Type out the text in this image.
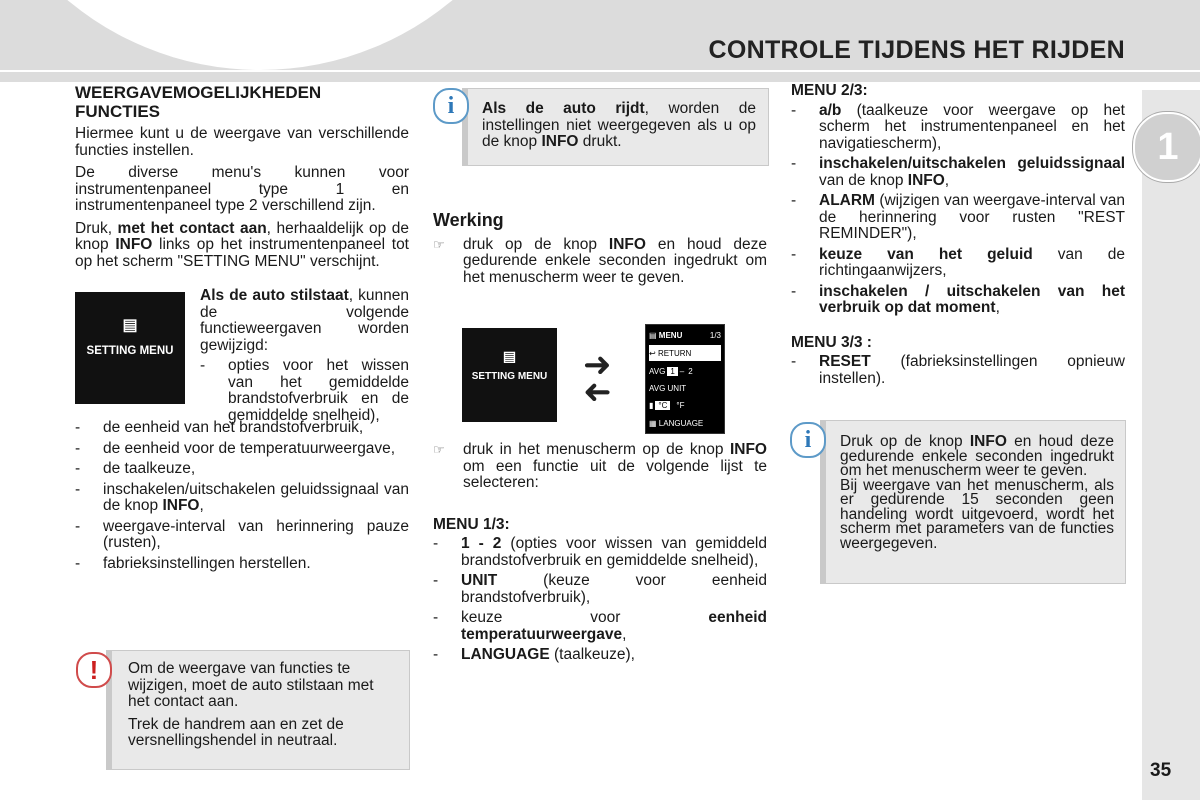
CONTROLE TIJDENS HET RIJDEN
1
35
WEERGAVEMOGELIJKHEDEN FUNCTIES

Hiermee kunt u de weergave van verschillende functies instellen.

De diverse menu's kunnen voor instrumentenpaneel type 1 en instrumentenpaneel type 2 verschillend zijn.

Druk, met het contact aan, herhaaldelijk op de knop INFO links op het instrumentenpaneel tot op het scherm "SETTING MENU" verschijnt.

▤
SETTING MENU
Als de auto stilstaat, kunnen de volgende functieweergaven worden gewijzigd:
-	opties voor het wissen van het gemiddelde brandstofverbruik en de gemiddelde snelheid),
-	de eenheid van het brandstofverbruik,
-	de eenheid voor de temperatuurweergave,
-	de taalkeuze,
-	inschakelen/uitschakelen geluidssignaal van de knop INFO,
-	weergave-interval van herinnering pauze (rusten),
-	fabrieksinstellingen herstellen.

Om de weergave van functies te wijzigen, moet de auto stilstaan met het contact aan.

Trek de handrem aan en zet de versnellingshendel in neutraal.

!
Als de auto rijdt, worden de instellingen niet weergegeven als u op de knop INFO drukt.
i
Werking
☞	druk op de knop INFO en houd deze gedurende enkele seconden ingedrukt om het menuscherm weer te geven.
▤
SETTING MENU ➜
➜
▤
MENU	1/3
↩
RETURN
AVG 1 – 2
AVG UNIT
▮ °C	°F
▦
LANGUAGE
☞	druk in het menuscherm op de knop INFO om een functie uit de volgende lijst te selecteren:
MENU 1/3:
-	1 - 2 (opties voor wissen van gemiddeld brandstofverbruik en gemiddelde snelheid),
-	UNIT (keuze voor eenheid brandstofverbruik),
-	keuze voor eenheid temperatuurweergave,
-	LANGUAGE (taalkeuze),
MENU 2/3:
-	a/b (taalkeuze voor weergave op het scherm het instrumentenpaneel en het navigatiescherm),
-	inschakelen/uitschakelen geluidssignaal van de knop INFO,
-	ALARM (wijzigen van weergave-interval van de herinnering voor rusten "REST REMINDER"),
-	keuze van het geluid van de richtingaanwijzers,
-	inschakelen / uitschakelen van het verbruik op dat moment,
MENU 3/3 :
-	RESET (fabrieksinstellingen opnieuw instellen).
Druk op de knop INFO en houd deze gedurende enkele seconden ingedrukt om het menuscherm weer te geven.
Bij weergave van het menuscherm, als er gedurende 15 seconden geen handeling wordt uitgevoerd, wordt het scherm met parameters van de functies weergegeven.
i
